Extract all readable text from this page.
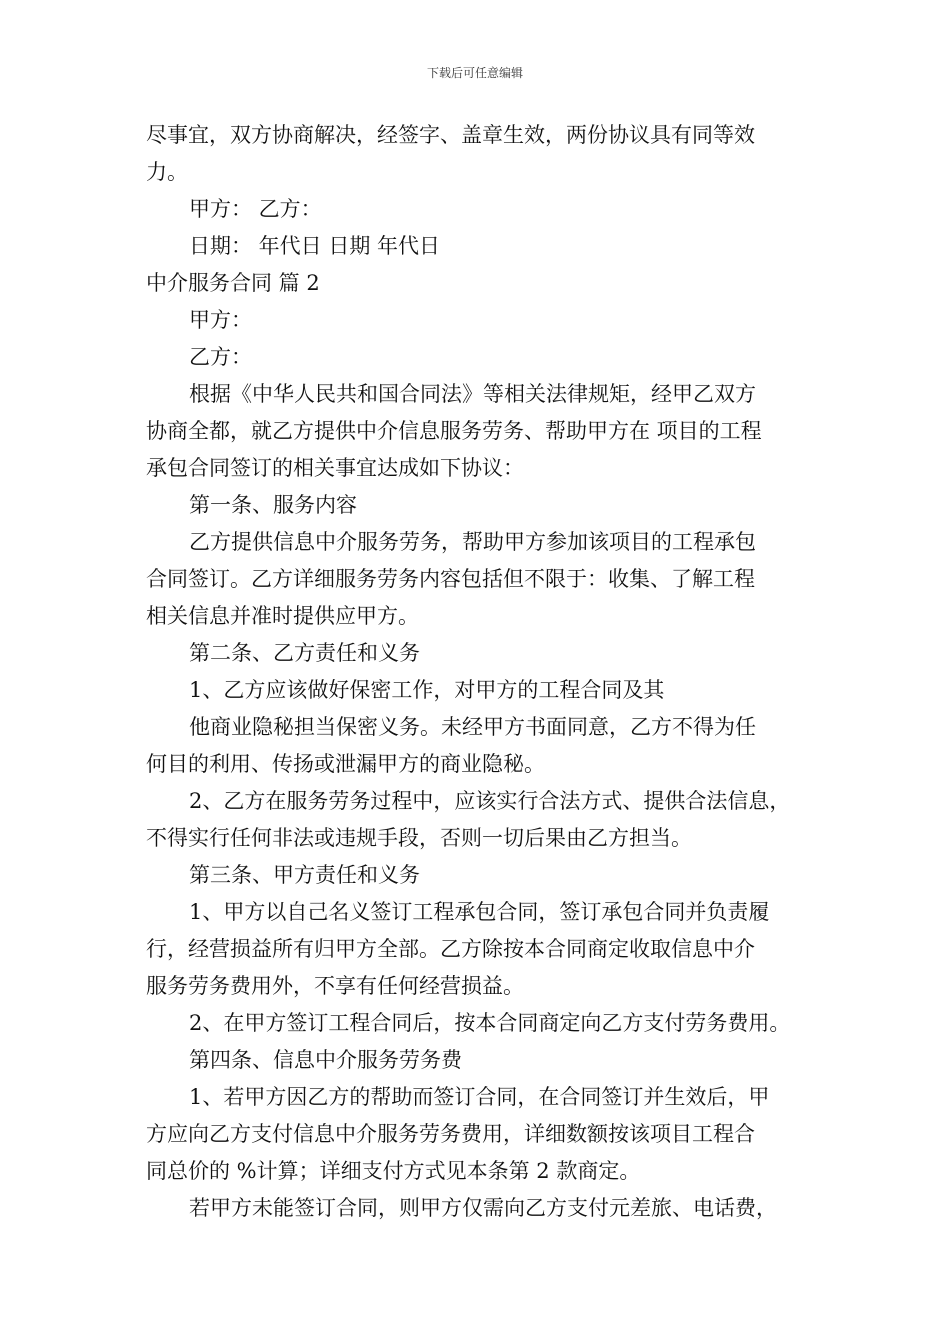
下载后可任意编辑
尽事宜，双方协商解决，经签字、盖章生效，两份协议具有同等效
力。
甲方： 乙方：
日期： 年代日 日期 年代日
中介服务合同 篇 2
甲方：
乙方：
根据《中华人民共和国合同法》等相关法律规矩，经甲乙双方
协商全都，就乙方提供中介信息服务劳务、帮助甲方在 项目的工程
承包合同签订的相关事宜达成如下协议：
第一条、服务内容
乙方提供信息中介服务劳务，帮助甲方参加该项目的工程承包
合同签订。乙方详细服务劳务内容包括但不限于：收集、了解工程
相关信息并准时提供应甲方。
第二条、乙方责任和义务
1、乙方应该做好保密工作，对甲方的工程合同及其
他商业隐秘担当保密义务。未经甲方书面同意，乙方不得为任
何目的利用、传扬或泄漏甲方的商业隐秘。
2、乙方在服务劳务过程中，应该实行合法方式、提供合法信息，
不得实行任何非法或违规手段，否则一切后果由乙方担当。
第三条、甲方责任和义务
1、甲方以自己名义签订工程承包合同，签订承包合同并负责履
行，经营损益所有归甲方全部。乙方除按本合同商定收取信息中介
服务劳务费用外，不享有任何经营损益。
2、在甲方签订工程合同后，按本合同商定向乙方支付劳务费用。
第四条、信息中介服务劳务费
1、若甲方因乙方的帮助而签订合同，在合同签订并生效后，甲
方应向乙方支付信息中介服务劳务费用，详细数额按该项目工程合
同总价的 %计算；详细支付方式见本条第 2 款商定。
若甲方未能签订合同，则甲方仅需向乙方支付元差旅、电话费，
